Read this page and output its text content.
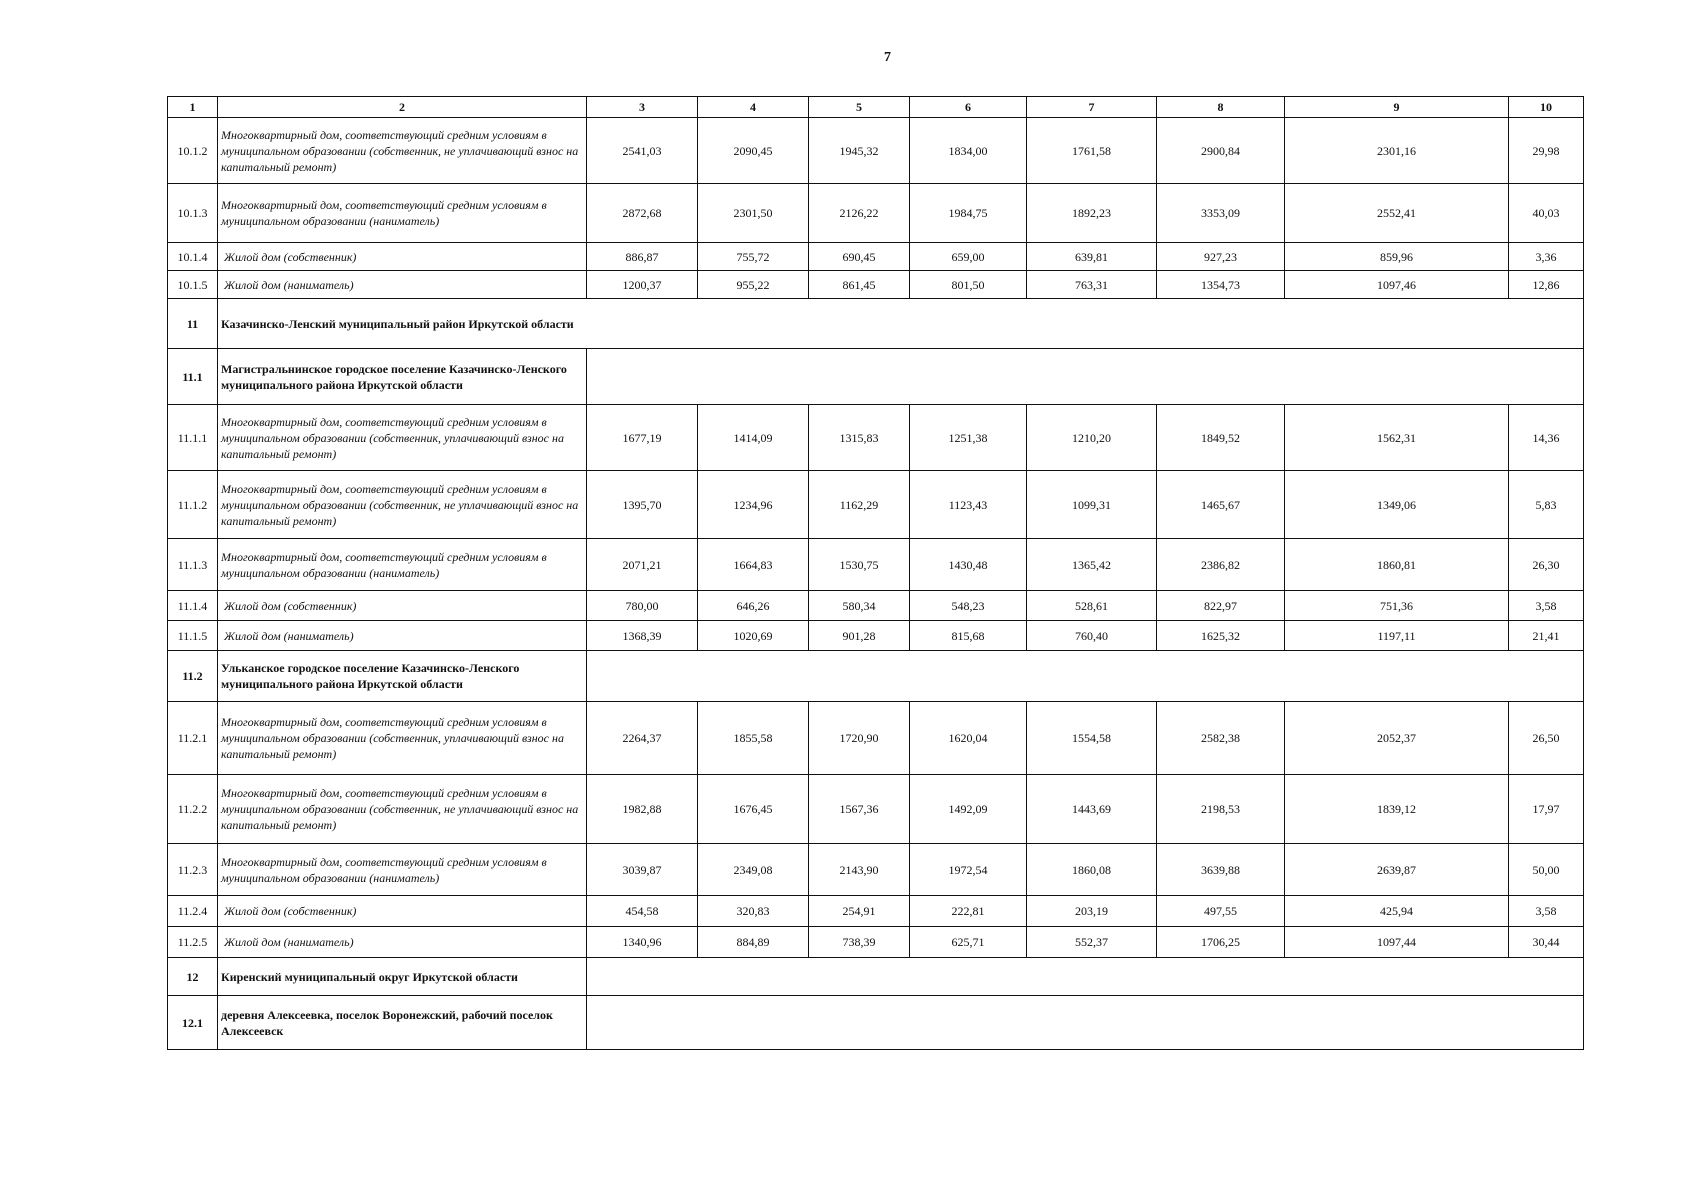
7
1	2	3	4	5	6	7	8	9	10
10.1.2	Многоквартирный дом, соответствующий средним условиям в муниципальном образовании (собственник, не уплачивающий взнос на капитальный ремонт)	2541,03	2090,45	1945,32	1834,00	1761,58	2900,84	2301,16	29,98
10.1.3	Многоквартирный дом, соответствующий средним условиям в муниципальном образовании (наниматель)	2872,68	2301,50	2126,22	1984,75	1892,23	3353,09	2552,41	40,03
10.1.4	Жилой дом (собственник)	886,87	755,72	690,45	659,00	639,81	927,23	859,96	3,36
10.1.5	Жилой дом (наниматель)	1200,37	955,22	861,45	801,50	763,31	1354,73	1097,46	12,86
11	Казачинско-Ленский муниципальный район Иркутской области								
11.1	Магистральнинское городское поселение Казачинско-Ленского муниципального района Иркутской области								
11.1.1	Многоквартирный дом, соответствующий средним условиям в муниципальном образовании (собственник, уплачивающий взнос на капитальный ремонт)	1677,19	1414,09	1315,83	1251,38	1210,20	1849,52	1562,31	14,36
11.1.2	Многоквартирный дом, соответствующий средним условиям в муниципальном образовании (собственник, не уплачивающий взнос на капитальный ремонт)	1395,70	1234,96	1162,29	1123,43	1099,31	1465,67	1349,06	5,83
11.1.3	Многоквартирный дом, соответствующий средним условиям в муниципальном образовании (наниматель)	2071,21	1664,83	1530,75	1430,48	1365,42	2386,82	1860,81	26,30
11.1.4	Жилой дом (собственник)	780,00	646,26	580,34	548,23	528,61	822,97	751,36	3,58
11.1.5	Жилой дом (наниматель)	1368,39	1020,69	901,28	815,68	760,40	1625,32	1197,11	21,41
11.2	Ульканское городское поселение Казачинско-Ленского муниципального района Иркутской области								
11.2.1	Многоквартирный дом, соответствующий средним условиям в муниципальном образовании (собственник, уплачивающий взнос на капитальный ремонт)	2264,37	1855,58	1720,90	1620,04	1554,58	2582,38	2052,37	26,50
11.2.2	Многоквартирный дом, соответствующий средним условиям в муниципальном образовании (собственник, не уплачивающий взнос на капитальный ремонт)	1982,88	1676,45	1567,36	1492,09	1443,69	2198,53	1839,12	17,97
11.2.3	Многоквартирный дом, соответствующий средним условиям в муниципальном образовании (наниматель)	3039,87	2349,08	2143,90	1972,54	1860,08	3639,88	2639,87	50,00
11.2.4	Жилой дом (собственник)	454,58	320,83	254,91	222,81	203,19	497,55	425,94	3,58
11.2.5	Жилой дом (наниматель)	1340,96	884,89	738,39	625,71	552,37	1706,25	1097,44	30,44
12	Киренский муниципальный округ Иркутской области								
12.1	деревня Алексеевка, поселок Воронежский, рабочий поселок Алексеевск								
